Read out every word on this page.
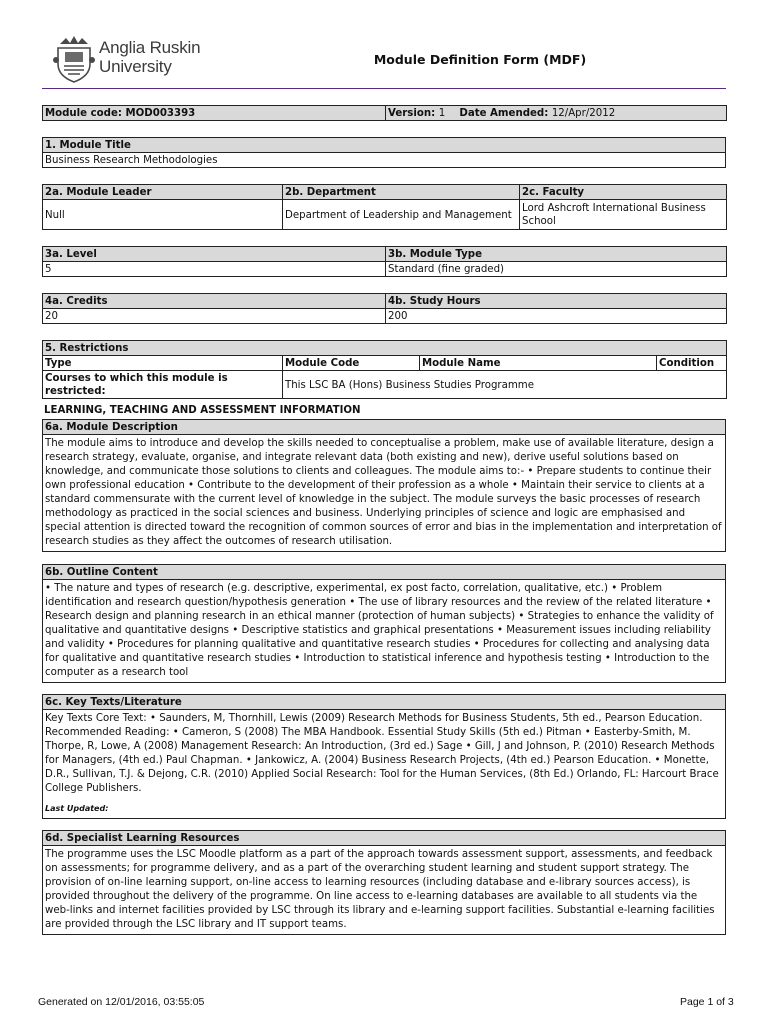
Anglia Ruskin
University	Module Definition Form (MDF)
Module code: MOD003393	Version: 1 Date Amended: 12/Apr/2012
1. Module Title
Business Research Methodologies
2a. Module Leader	2b. Department	2c. Faculty
Null	Department of Leadership and Management	Lord Ashcroft International Business School
3a. Level	3b. Module Type
5	Standard (fine graded)
4a. Credits	4b. Study Hours
20	200
5. Restrictions			
Type	Module Code	Module Name	Condition
Courses to which this module is restricted:	This LSC BA (Hons) Business Studies Programme		
LEARNING, TEACHING AND ASSESSMENT INFORMATION
6a. Module Description
The module aims to introduce and develop the skills needed to conceptualise a problem, make use of available literature, design a research strategy, evaluate, organise, and integrate relevant data (both existing and new), derive useful solutions based on knowledge, and communicate those solutions to clients and colleagues. The module aims to:- • Prepare students to continue their own professional education • Contribute to the development of their profession as a whole • Maintain their service to clients at a standard commensurate with the current level of knowledge in the subject. The module surveys the basic processes of research methodology as practiced in the social sciences and business. Underlying principles of science and logic are emphasised and special attention is directed toward the recognition of common sources of error and bias in the implementation and interpretation of research studies as they affect the outcomes of research utilisation.
6b. Outline Content
• The nature and types of research (e.g. descriptive, experimental, ex post facto, correlation, qualitative, etc.) • Problem identification and research question/hypothesis generation • The use of library resources and the review of the related literature • Research design and planning research in an ethical manner (protection of human subjects) • Strategies to enhance the validity of qualitative and quantitative designs • Descriptive statistics and graphical presentations • Measurement issues including reliability and validity • Procedures for planning qualitative and quantitative research studies • Procedures for collecting and analysing data for qualitative and quantitative research studies • Introduction to statistical inference and hypothesis testing • Introduction to the computer as a research tool
6c. Key Texts/Literature
Key Texts Core Text: • Saunders, M, Thornhill, Lewis (2009) Research Methods for Business Students, 5th ed., Pearson Education. Recommended Reading: • Cameron, S (2008) The MBA Handbook. Essential Study Skills (5th ed.) Pitman • Easterby-Smith, M. Thorpe, R, Lowe, A (2008) Management Research: An Introduction, (3rd ed.) Sage • Gill, J and Johnson, P. (2010) Research Methods for Managers, (4th ed.) Paul Chapman. • Jankowicz, A. (2004) Business Research Projects, (4th ed.) Pearson Education. • Monette, D.R., Sullivan, T.J. & Dejong, C.R. (2010) Applied Social Research: Tool for the Human Services, (8th Ed.) Orlando, FL: Harcourt Brace College Publishers.
Last Updated:
6d. Specialist Learning Resources
The programme uses the LSC Moodle platform as a part of the approach towards assessment support, assessments, and feedback on assessments; for programme delivery, and as a part of the overarching student learning and student support strategy. The provision of on-line learning support, on-line access to learning resources (including database and e-library sources access), is provided throughout the delivery of the programme. On line access to e-learning databases are available to all students via the web-links and internet facilities provided by LSC through its library and e-learning support facilities. Substantial e-learning facilities are provided through the LSC library and IT support teams.
Generated on 12/01/2016, 03:55:05	Page 1 of 3
